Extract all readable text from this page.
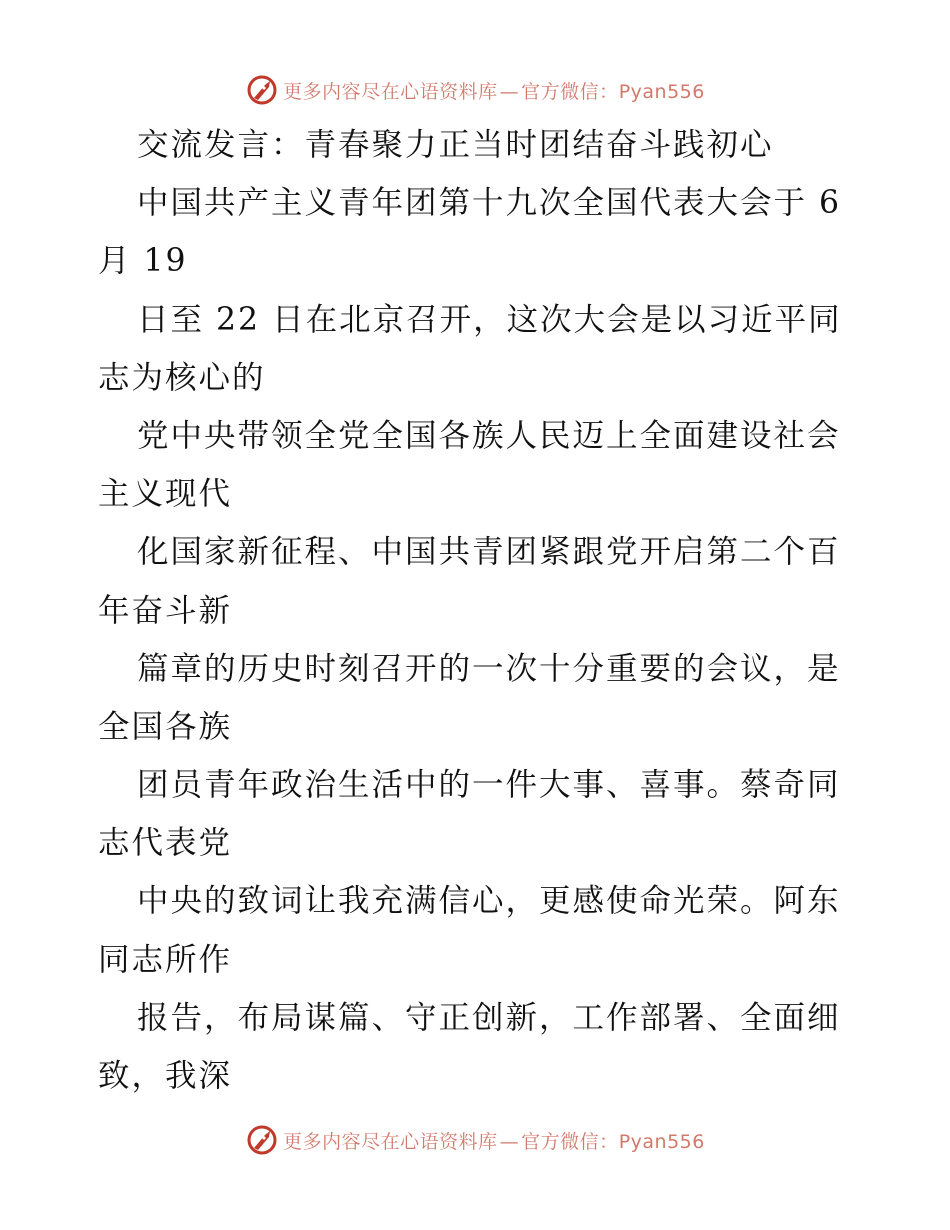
更多内容尽在心语资料库 — 官方微信：Pyan556
交流发言：青春聚力正当时团结奋斗践初心
中国共产主义青年团第十九次全国代表大会于 6
月 19
日至 22 日在北京召开，这次大会是以习近平同
志为核心的
党中央带领全党全国各族人民迈上全面建设社会
主义现代
化国家新征程、中国共青团紧跟党开启第二个百
年奋斗新
篇章的历史时刻召开的一次十分重要的会议，是
全国各族
团员青年政治生活中的一件大事、喜事。蔡奇同
志代表党
中央的致词让我充满信心，更感使命光荣。阿东
同志所作
报告，布局谋篇、守正创新，工作部署、全面细
致，我深
更多内容尽在心语资料库 — 官方微信：Pyan556
